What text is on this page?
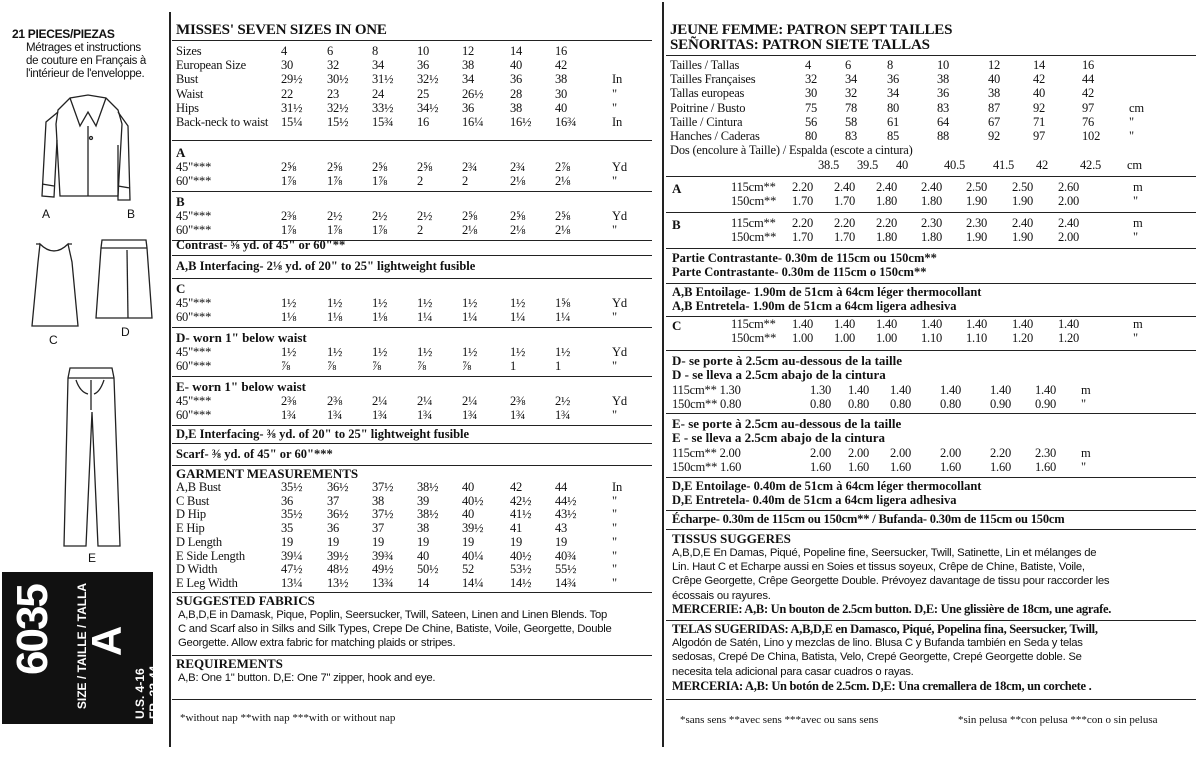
21 PIECES/PIEZAS
Métrages et instructions
de couture en Français à
l'intérieur de l'enveloppe.
A	B
C
D
E
6035 SIZE / TAILLE / TALLA
A
U.S. 4-16 FR. 32-44 EURO. 30-42
MISSES' SEVEN SIZES IN ONE
Sizes	4	6	8	10	12	14	16
European Size	30	32	34	36	38	40	42
Bust	29½ 30½ 31½ 32½ 34	36	38	In
Waist	22	23	24	25	26½ 28	30	"
Hips	31½ 32½ 33½ 34½ 36	38	40	"
Back-neck to waist 15¼ 15½ 15¾ 16	16¼ 16½ 16¾	In
A
45"***	2⅝ 2⅝ 2⅝ 2⅝ 2¾	2¾ 2⅞	Yd
60"***	1⅞ 1⅞ 1⅞ 2	2	2⅛ 2⅛	"
B
45"***	2⅜ 2½ 2½ 2½ 2⅝	2⅝ 2⅝	Yd
60"***	1⅞ 1⅞ 1⅞ 2	2⅛	2⅛ 2⅛	"
Contrast- ⅝ yd. of 45" or 60"**
A,B Interfacing- 2⅛ yd. of 20" to 25" lightweight fusible
C
45"***	1½ 1½ 1½ 1½ 1½	1½ 1⅝	Yd
60"***	1⅛ 1⅛ 1⅛ 1¼ 1¼	1¼ 1¼	"
D- worn 1" below waist
45"***	1½ 1½ 1½ 1½ 1½	1½ 1½	Yd
60"***	⅞	⅞	⅞	⅞	⅞	1	1	"
E- worn 1" below waist
45"***	2⅜ 2⅜ 2¼ 2¼ 2¼	2⅜ 2½	Yd
60"***	1¾ 1¾ 1¾ 1¾ 1¾	1¾ 1¾	"
D,E Interfacing- ⅜ yd. of 20" to 25" lightweight fusible
Scarf- ⅜ yd. of 45" or 60"***
GARMENT MEASUREMENTS
A,B Bust	35½ 36½ 37½ 38½ 40	42	44	In
C Bust	36	37	38	39	40½ 42½ 44½	"
D Hip	35½ 36½ 37½ 38½ 40	41½ 43½	"
E Hip	35	36	37	38	39½ 41	43	"
D Length	19	19	19	19	19	19	19	"
E Side Length	39¼ 39½ 39¾ 40	40¼ 40½ 40¾	"
D Width	47½ 48½ 49½ 50½ 52	53½ 55½	"
E Leg Width	13¼ 13½ 13¾ 14	14¼ 14½ 14¾	"
SUGGESTED FABRICS
A,B,D,E in Damask, Pique, Poplin, Seersucker, Twill, Sateen, Linen and Linen Blends. Top
C and Scarf also in Silks and Silk Types, Crepe De Chine, Batiste, Voile, Georgette, Double
Georgette. Allow extra fabric for matching plaids or stripes.
REQUIREMENTS
A,B: One 1" button. D,E: One 7" zipper, hook and eye.
*without nap **with nap ***with or without nap
JEUNE FEMME: PATRON SEPT TAILLES
SEÑORITAS: PATRON SIETE TALLAS
Tailles / Tallas	4	6	8	10	12	14	16
Tailles Françaises	32 34 36	38	40	42	44
Tallas europeas	30 32 34	36	38	40	42
Poitrine / Busto	75 78 80	83	87	92	97	cm
Taille / Cintura	56 58 61	64	67	71	76	"
Hanches / Caderas	80 83 85	88	92	97	102 "
Dos (encolure à Taille) / Espalda (escote a cintura)
38.5 39.5 40	40.5 41.5 42	42.5 cm
A	115cm** 2.20 2.40 2.40 2.40 2.50 2.50 2.60	m
150cm** 1.70 1.70 1.80 1.80 1.90 1.90 2.00	"
B	115cm** 2.20 2.20 2.20 2.30 2.30 2.40 2.40	m
150cm** 1.70 1.70 1.80 1.80 1.90 1.90 2.00	"
Partie Contrastante- 0.30m de 115cm ou 150cm**
Parte Contrastante- 0.30m de 115cm o 150cm**
A,B Entoilage- 1.90m de 51cm à 64cm léger thermocollant
A,B Entretela- 1.90m de 51cm a 64cm ligera adhesiva
C	115cm** 1.40 1.40 1.40 1.40 1.40 1.40 1.40	m
150cm** 1.00 1.00 1.00 1.10 1.10 1.20 1.20	"
D- se porte à 2.5cm au-dessous de la taille
D - se lleva a 2.5cm abajo de la cintura
115cm** 1.30	1.30 1.40 1.40 1.40 1.40 1.40 m
150cm** 0.80	0.80 0.80 0.80 0.80 0.90 0.90 "
E- se porte à 2.5cm au-dessous de la taille
E - se lleva a 2.5cm abajo de la cintura
115cm** 2.00	2.00 2.00 2.00 2.00 2.20 2.30 m
150cm** 1.60	1.60 1.60 1.60 1.60 1.60 1.60 "
D,E Entoilage- 0.40m de 51cm à 64cm léger thermocollant
D,E Entretela- 0.40m de 51cm a 64cm ligera adhesiva
Écharpe- 0.30m de 115cm ou 150cm** / Bufanda- 0.30m de 115cm ou 150cm
TISSUS SUGGERES
A,B,D,E En Damas, Piqué, Popeline fine, Seersucker, Twill, Satinette, Lin et mélanges de
Lin. Haut C et Echarpe aussi en Soies et tissus soyeux, Crêpe de Chine, Batiste, Voile,
Crêpe Georgette, Crêpe Georgette Double. Prévoyez davantage de tissu pour raccorder les
écossais ou rayures.
MERCERIE: A,B: Un bouton de 2.5cm button. D,E: Une glissière de 18cm, une agrafe.
TELAS SUGERIDAS: A,B,D,E en Damasco, Piqué, Popelina fina, Seersucker, Twill,
Algodón de Satén, Lino y mezclas de lino. Blusa C y Bufanda también en Seda y telas
sedosas, Crepé De China, Batista, Velo, Crepé Georgette, Crepé Georgette doble. Se
necesita tela adicional para casar cuadros o rayas.
MERCERIA: A,B: Un botón de 2.5cm. D,E: Una cremallera de 18cm, un corchete .
*sans sens **avec sens ***avec ou sans sens	*sin pelusa **con pelusa ***con o sin pelusa
